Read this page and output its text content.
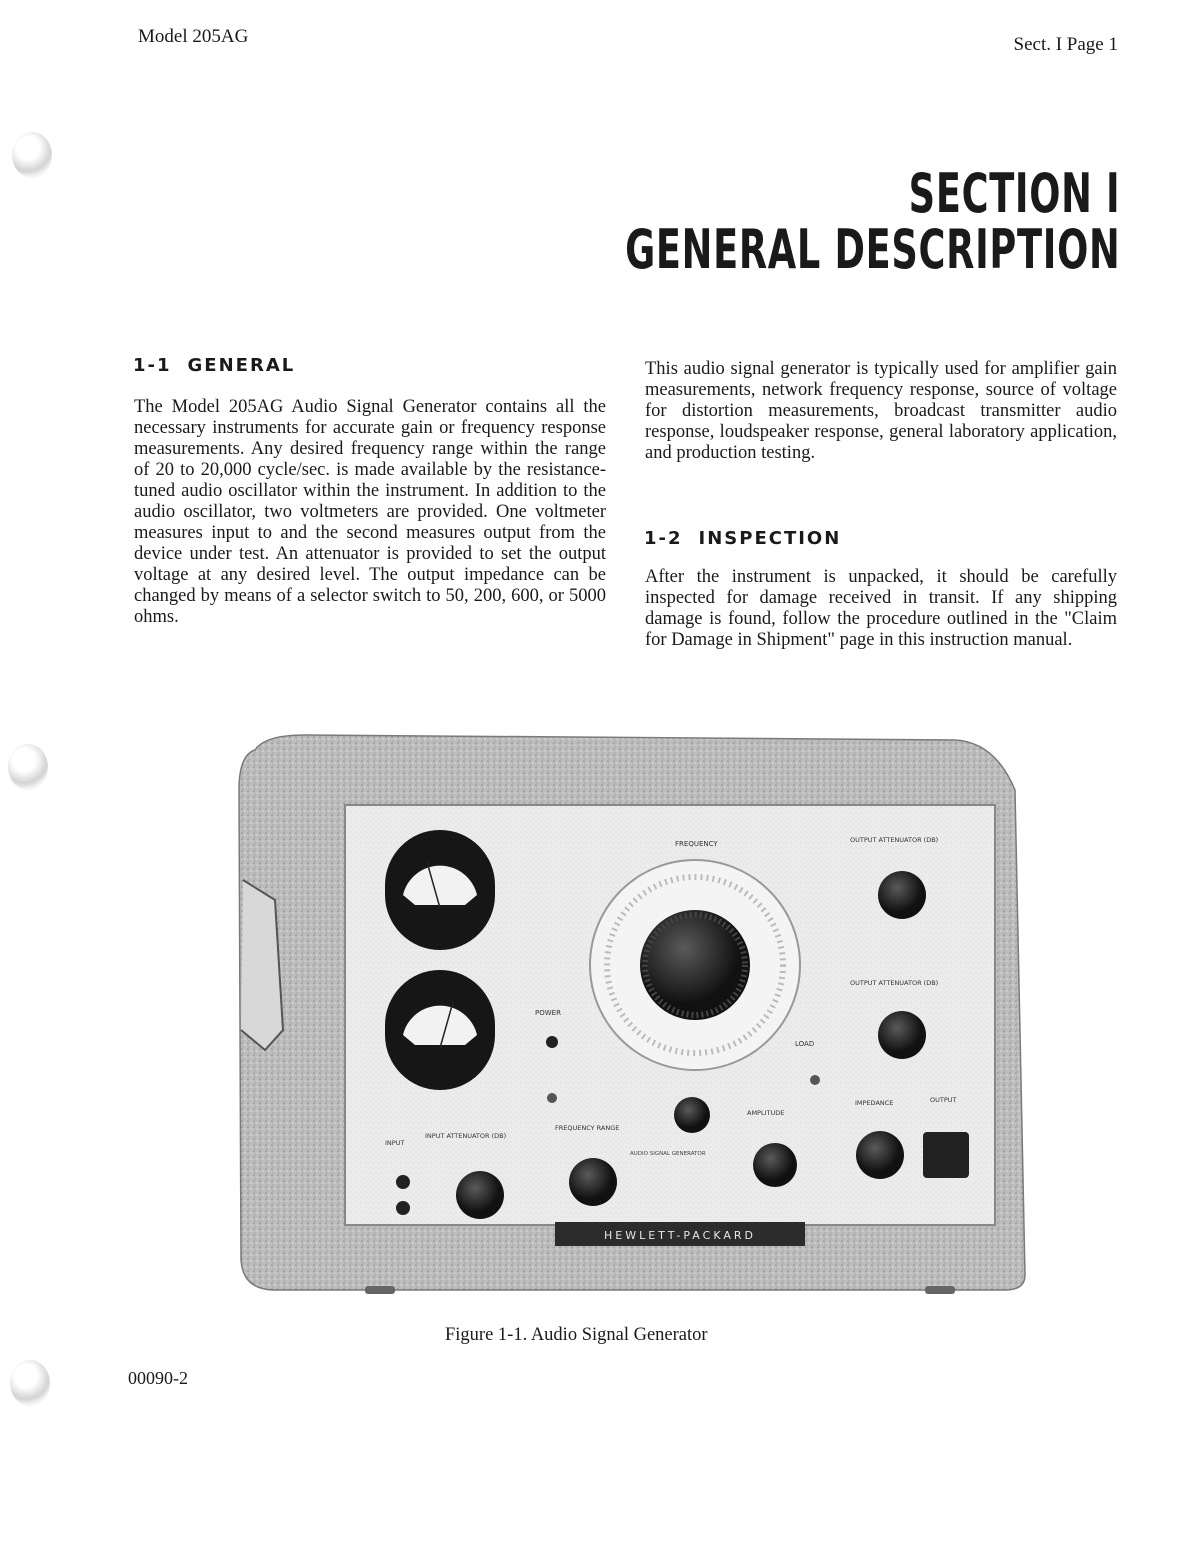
Model 205AG	Sect. I Page 1
SECTION I
GENERAL DESCRIPTION
1-1 GENERAL
The Model 205AG Audio Signal Generator contains all the necessary instruments for accurate gain or frequency response measurements. Any desired frequency range within the range of 20 to 20,000 cycle/sec. is made available by the resistance-tuned audio oscillator within the instrument. In addition to the audio oscillator, two voltmeters are provided. One voltmeter measures input to and the second measures output from the device under test. An attenuator is provided to set the output voltage at any desired level. The output impedance can be changed by means of a selector switch to 50, 200, 600, or 5000 ohms.
This audio signal generator is typically used for amplifier gain measurements, network frequency response, source of voltage for distortion measurements, broadcast transmitter audio response, loudspeaker response, general laboratory application, and production testing.
1-2 INSPECTION
After the instrument is unpacked, it should be carefully inspected for damage received in transit. If any shipping damage is found, follow the procedure outlined in the "Claim for Damage in Shipment" page in this instruction manual.
FREQUENCY
POWER
LOAD
OUTPUT ATTENUATOR (DB)
OUTPUT ATTENUATOR (DB)
INPUT
INPUT ATTENUATOR (DB)
FREQUENCY RANGE
AUDIO SIGNAL GENERATOR
AMPLITUDE
IMPEDANCE	OUTPUT
HEWLETT-PACKARD
Figure 1-1. Audio Signal Generator
00090-2
